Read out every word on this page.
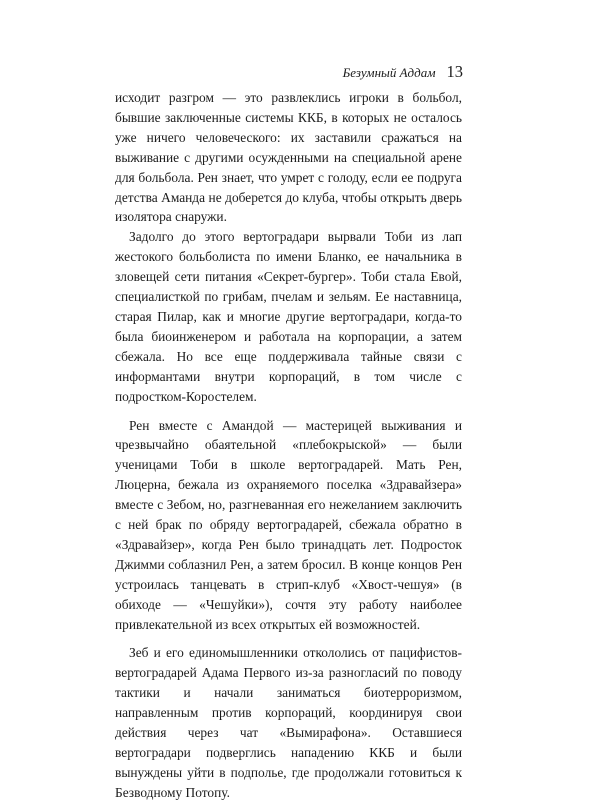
Безумный Аддам 13

исходит разгром — это развлеклись игроки в больбол, бывшие заключенные системы ККБ, в которых не осталось уже ничего человеческого: их заставили сражаться на выживание с другими осужденными на специальной арене для больбола. Рен знает, что умрет с голоду, если ее подруга детства Аманда не доберется до клуба, чтобы открыть дверь изолятора снаружи.

Задолго до этого вертоградари вырвали Тоби из лап жестокого больболиста по имени Бланко, ее начальника в зловещей сети питания «Секрет-бургер». Тоби стала Евой, специалисткой по грибам, пчелам и зельям. Ее наставница, старая Пилар, как и многие другие вертоградари, когда-то была биоинженером и работала на корпорации, а затем сбежала. Но все еще поддерживала тайные связи с информантами внутри корпораций, в том числе с подростком-Коростелем.

Рен вместе с Амандой — мастерицей выживания и чрезвычайно обаятельной «плебокрыской» — были ученицами Тоби в школе вертоградарей. Мать Рен, Люцерна, бежала из охраняемого поселка «Здравайзера» вместе с Зебом, но, разгневанная его нежеланием заключить с ней брак по обряду вертоградарей, сбежала обратно в «Здравайзер», когда Рен было тринадцать лет. Подросток Джимми соблазнил Рен, а затем бросил. В конце концов Рен устроилась танцевать в стрип-клуб «Хвост-чешуя» (в обиходе — «Чешуйки»), сочтя эту работу наиболее привлекательной из всех открытых ей возможностей.

Зеб и его единомышленники откололись от пацифистов-вертоградарей Адама Первого из-за разногласий по поводу тактики и начали заниматься биотерроризмом, направленным против корпораций, координируя свои действия через чат «Вымирафона». Оставшиеся вертоградари подверглись нападению ККБ и были вынуждены уйти в подполье, где продолжали готовиться к Безводному Потопу.
